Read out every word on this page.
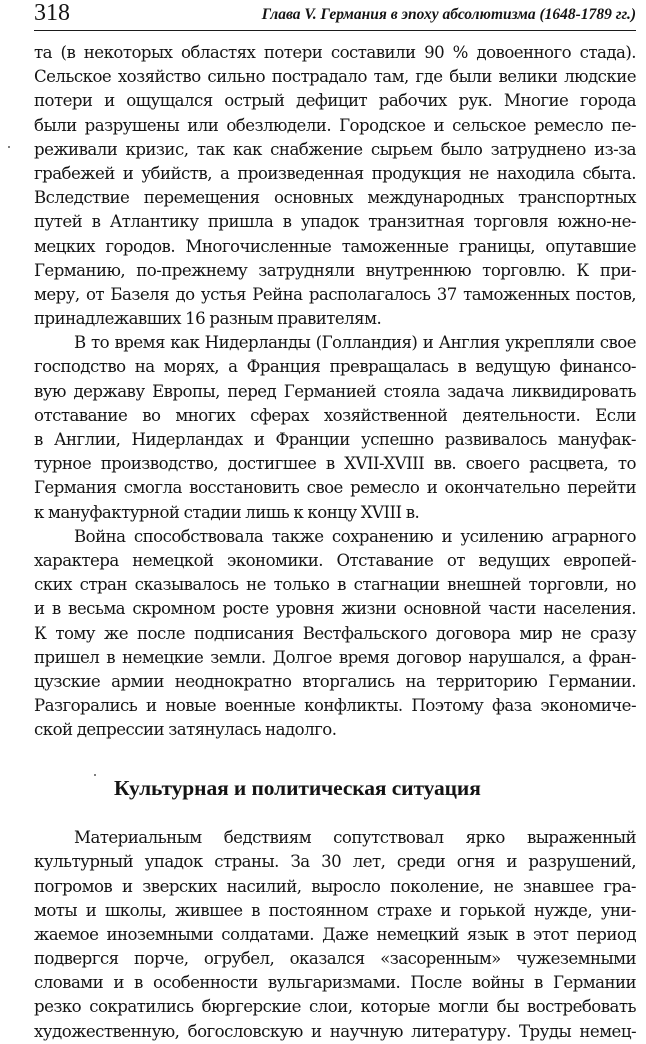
318	Глава V. Германия в эпоху абсолютизма (1648-1789 гг.)
та (в некоторых областях потери составили 90 % довоенного стада).
Сельское хозяйство сильно пострадало там, где были велики людские
потери и ощущался острый дефицит рабочих рук. Многие города
были разрушены или обезлюдели. Городское и сельское ремесло пе-
реживали кризис, так как снабжение сырьем было затруднено из-за
грабежей и убийств, а произведенная продукция не находила сбыта.
Вследствие перемещения основных международных транспортных
путей в Атлантику пришла в упадок транзитная торговля южно-не-
мецких городов. Многочисленные таможенные границы, опутавшие
Германию, по-прежнему затрудняли внутреннюю торговлю. К при-
меру, от Базеля до устья Рейна располагалось 37 таможенных постов,
принадлежавших 16 разным правителям.
В то время как Нидерланды (Голландия) и Англия укрепляли свое
господство на морях, а Франция превращалась в ведущую финансо-
вую державу Европы, перед Германией стояла задача ликвидировать
отставание во многих сферах хозяйственной деятельности. Если
в Англии, Нидерландах и Франции успешно развивалось мануфак-
турное производство, достигшее в XVII-XVIII вв. своего расцвета, то
Германия смогла восстановить свое ремесло и окончательно перейти
к мануфактурной стадии лишь к концу XVIII в.
Война способствовала также сохранению и усилению аграрного
характера немецкой экономики. Отставание от ведущих европей-
ских стран сказывалось не только в стагнации внешней торговли, но
и в весьма скромном росте уровня жизни основной части населения.
К тому же после подписания Вестфальского договора мир не сразу
пришел в немецкие земли. Долгое время договор нарушался, а фран-
цузские армии неоднократно вторгались на территорию Германии.
Разгорались и новые военные конфликты. Поэтому фаза экономиче-
ской депрессии затянулась надолго.
Культурная и политическая ситуация
Материальным бедствиям сопутствовал ярко выраженный
культурный упадок страны. За 30 лет, среди огня и разрушений,
погромов и зверских насилий, выросло поколение, не знавшее гра-
моты и школы, жившее в постоянном страхе и горькой нужде, уни-
жаемое иноземными солдатами. Даже немецкий язык в этот период
подвергся порче, огрубел, оказался «засоренным» чужеземными
словами и в особенности вульгаризмами. После войны в Германии
резко сократились бюргерские слои, которые могли бы востребовать
художественную, богословскую и научную литературу. Труды немец-
